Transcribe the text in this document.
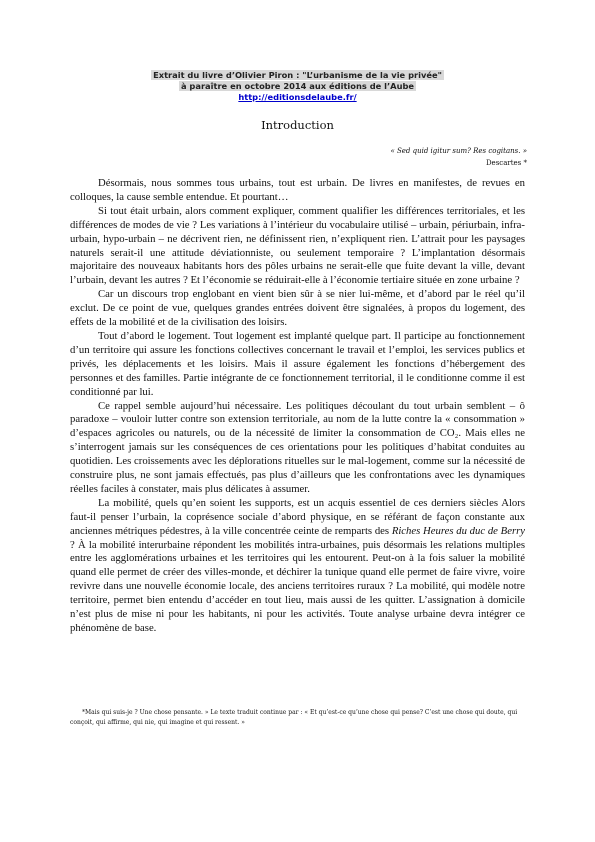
Extrait du livre d’Olivier Piron : "L’urbanisme de la vie privée"
à paraître en octobre 2014 aux éditions de l’Aube
http://editionsdelaube.fr/
Introduction
« Sed quid igitur sum? Res cogitans. »
Descartes *

Désormais, nous sommes tous urbains, tout est urbain. De livres en manifestes, de revues en colloques, la cause semble entendue. Et pourtant…

Si tout était urbain, alors comment expliquer, comment qualifier les différences territoriales, et les différences de modes de vie ? Les variations à l’intérieur du vocabulaire utilisé – urbain, périurbain, infra-urbain, hypo-urbain – ne décrivent rien, ne définissent rien, n’expliquent rien. L’attrait pour les paysages naturels serait-il une attitude déviationniste, ou seulement temporaire ? L’implantation désormais majoritaire des nouveaux habitants hors des pôles urbains ne serait-elle que fuite devant la ville, devant l’urbain, devant les autres ? Et l’économie se réduirait-elle à l’économie tertiaire située en zone urbaine ?

Car un discours trop englobant en vient bien sûr à se nier lui-même, et d’abord par le réel qu’il exclut. De ce point de vue, quelques grandes entrées doivent être signalées, à propos du logement, des effets de la mobilité et de la civilisation des loisirs.

Tout d’abord le logement. Tout logement est implanté quelque part. Il participe au fonctionnement d’un territoire qui assure les fonctions collectives concernant le travail et l’emploi, les services publics et privés, les déplacements et les loisirs. Mais il assure également les fonctions d’hébergement des personnes et des familles. Partie intégrante de ce fonctionnement territorial, il le conditionne comme il est conditionné par lui.

Ce rappel semble aujourd’hui nécessaire. Les politiques découlant du tout urbain semblent – ô paradoxe – vouloir lutter contre son extension territoriale, au nom de la lutte contre la « consommation » d’espaces agricoles ou naturels, ou de la nécessité de limiter la consommation de CO₂. Mais elles ne s’interrogent jamais sur les conséquences de ces orientations pour les politiques d’habitat conduites au quotidien. Les croissements avec les déplorations rituelles sur le mal-logement, comme sur la nécessité de construire plus, ne sont jamais effectués, pas plus d’ailleurs que les confrontations avec les dynamiques réelles faciles à constater, mais plus délicates à assumer.

La mobilité, quels qu’en soient les supports, est un acquis essentiel de ces derniers siècles Alors faut-il penser l’urbain, la coprésence sociale d’abord physique, en se référant de façon constante aux anciennes métriques pédestres, à la ville concentrée ceinte de remparts des Riches Heures du duc de Berry ? À la mobilité interurbaine répondent les mobilités intra-urbaines, puis désormais les relations multiples entre les agglomérations urbaines et les territoires qui les entourent. Peut-on à la fois saluer la mobilité quand elle permet de créer des villes-monde, et déchirer la tunique quand elle permet de faire vivre, voire revivre dans une nouvelle économie locale, des anciens territoires ruraux ? La mobilité, qui modèle notre territoire, permet bien entendu d’accéder en tout lieu, mais aussi de les quitter. L’assignation à domicile n’est plus de mise ni pour les habitants, ni pour les activités. Toute analyse urbaine devra intégrer ce phénomène de base.

*Mais qui suis-je ? Une chose pensante. » Le texte traduit continue par : « Et qu’est-ce qu’une chose qui pense? C’est une chose qui doute, qui conçoit, qui affirme, qui nie, qui imagine et qui ressent. »
